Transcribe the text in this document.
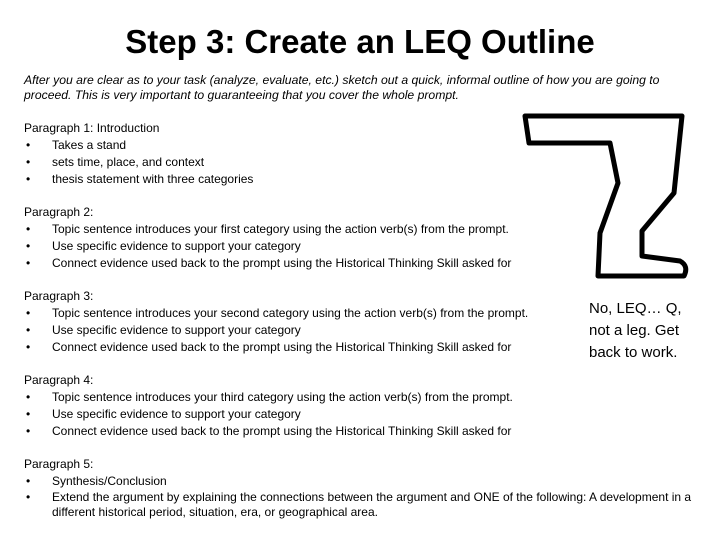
Step 3: Create an LEQ Outline
After you are clear as to your task (analyze, evaluate, etc.) sketch out a quick, informal outline of how you are going to proceed. This is very important to guaranteeing that you cover the whole prompt.
Paragraph 1: Introduction
• Takes a stand
• sets time, place, and context
• thesis statement with three categories
Paragraph 2:
• Topic sentence introduces your first category using the action verb(s) from the prompt.
• Use specific evidence to support your category
• Connect evidence used back to the prompt using the Historical Thinking Skill asked for
Paragraph 3:
• Topic sentence introduces your second category using the action verb(s) from the prompt.
• Use specific evidence to support your category
• Connect evidence used back to the prompt using the Historical Thinking Skill asked for
Paragraph 4:
• Topic sentence introduces your third category using the action verb(s) from the prompt.
• Use specific evidence to support your category
• Connect evidence used back to the prompt using the Historical Thinking Skill asked for
Paragraph 5:
• Synthesis/Conclusion
• Extend the argument by explaining the connections between the argument and ONE of the following: A development in a different historical period, situation, era, or geographical area.
No, LEQ… Q, not a leg. Get back to work.
